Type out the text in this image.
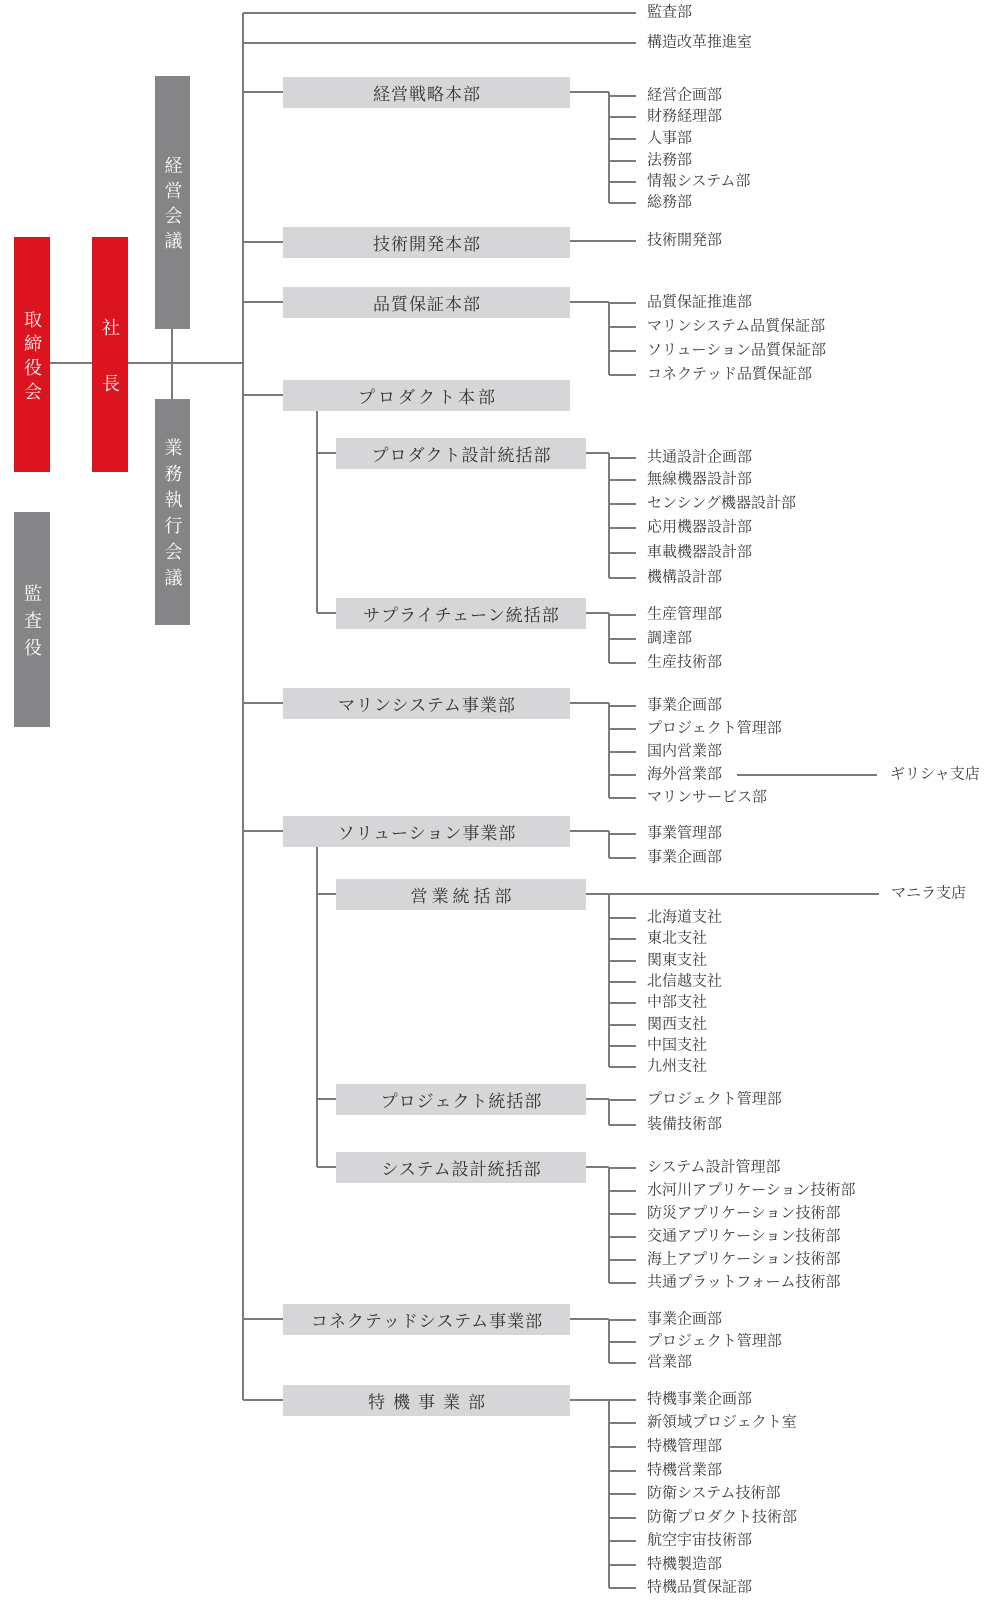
取締役会	社長
監査役
経営会議
業務執行会議
監査部
構造改革推進室
経営戦略本部	経営企画部
財務経理部
人事部
法務部
情報システム部
総務部
技術開発本部	技術開発部
品質保証本部	品質保証推進部
マリンシステム品質保証部
ソリューション品質保証部
コネクテッド品質保証部
プロダクト本部
プロダクト設計統括部	共通設計企画部
無線機器設計部
センシング機器設計部
応用機器設計部
車載機器設計部
機構設計部
サプライチェーン統括部	生産管理部
調達部
生産技術部
マリンシステム事業部	事業企画部
プロジェクト管理部
国内営業部
海外営業部
マリンサービス部
ギリシャ支店
ソリューション事業部	事業管理部
事業企画部
営業統括部
北海道支社
東北支社
関東支社
北信越支社
中部支社
関西支社
中国支社
九州支社
マニラ支店
プロジェクト統括部	プロジェクト管理部
装備技術部
システム設計統括部	システム設計管理部
水河川アプリケーション技術部
防災アプリケーション技術部
交通アプリケーション技術部
海上アプリケーション技術部
共通プラットフォーム技術部
コネクテッドシステム事業部	事業企画部
プロジェクト管理部
営業部
特機事業部	特機事業企画部
新領域プロジェクト室
特機管理部
特機営業部
防衛システム技術部
防衛プロダクト技術部
航空宇宙技術部
特機製造部
特機品質保証部
